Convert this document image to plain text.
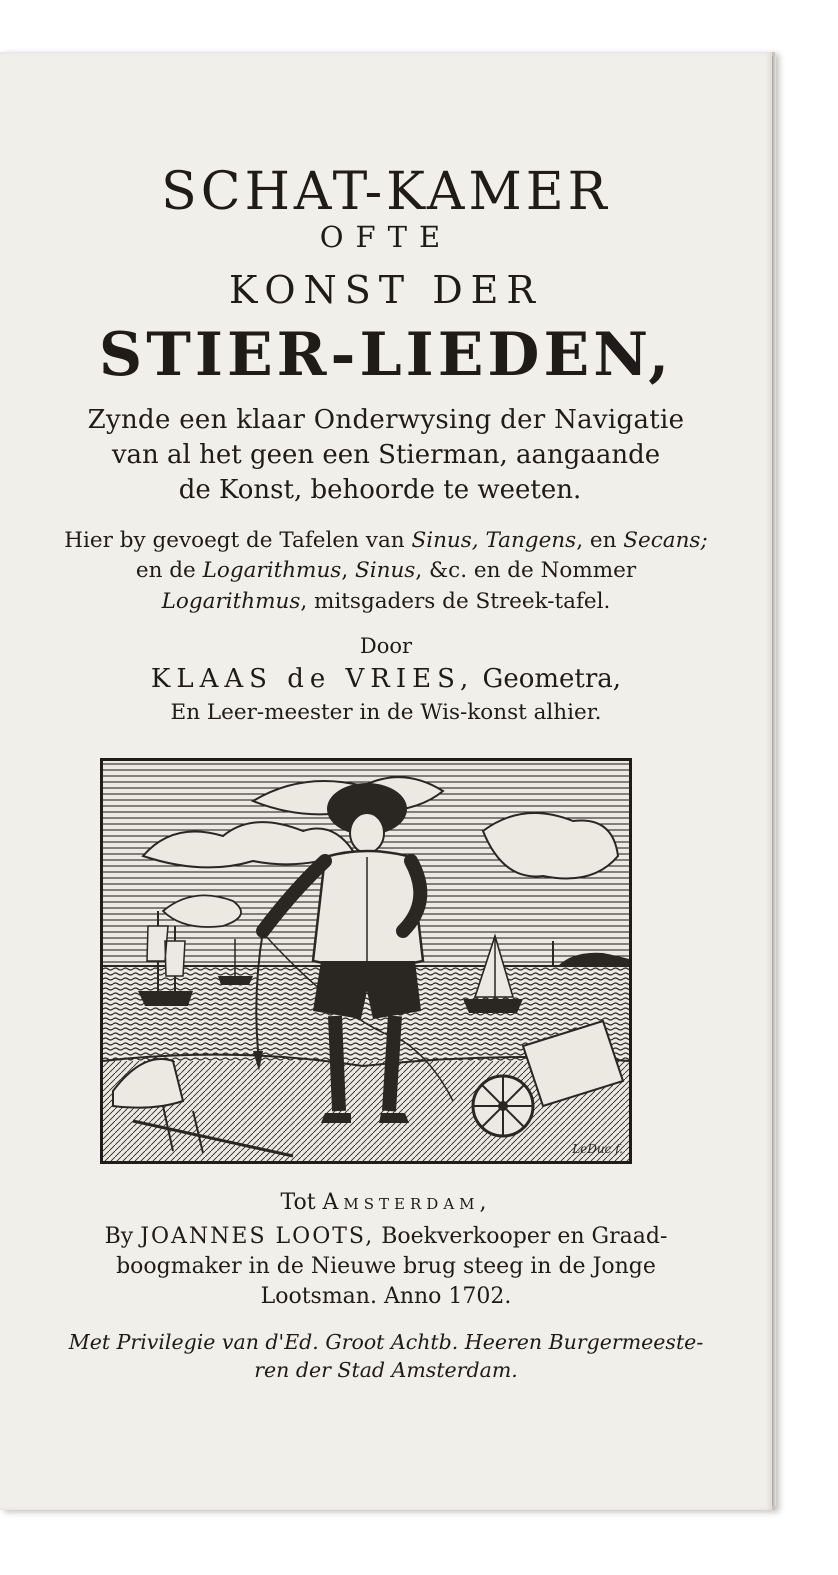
SCHAT-KAMER
OFTE
KONST DER
STIER-LIEDEN,
Zynde een klaar Onderwysing der Navigatie
van al het geen een Stierman, aangaande
de Konst, behoorde te weeten.
Hier by gevoegt de Tafelen van Sinus, Tangens, en Secans;
en de Logarithmus, Sinus, &c. en de Nommer
Logarithmus, mitsgaders de Streek-tafel.
Door
KLAAS de VRIES, Geometra,
En Leer-meester in de Wis-konst alhier.
LeDuc f.
Tot Amsterdam,
By JOANNES LOOTS, Boekverkooper en Graad-
boogmaker in de Nieuwe brug steeg in de Jonge
Lootsman. Anno 1702.
Met Privilegie van d'Ed. Groot Achtb. Heeren Burgermeeste-
ren der Stad Amsterdam.
